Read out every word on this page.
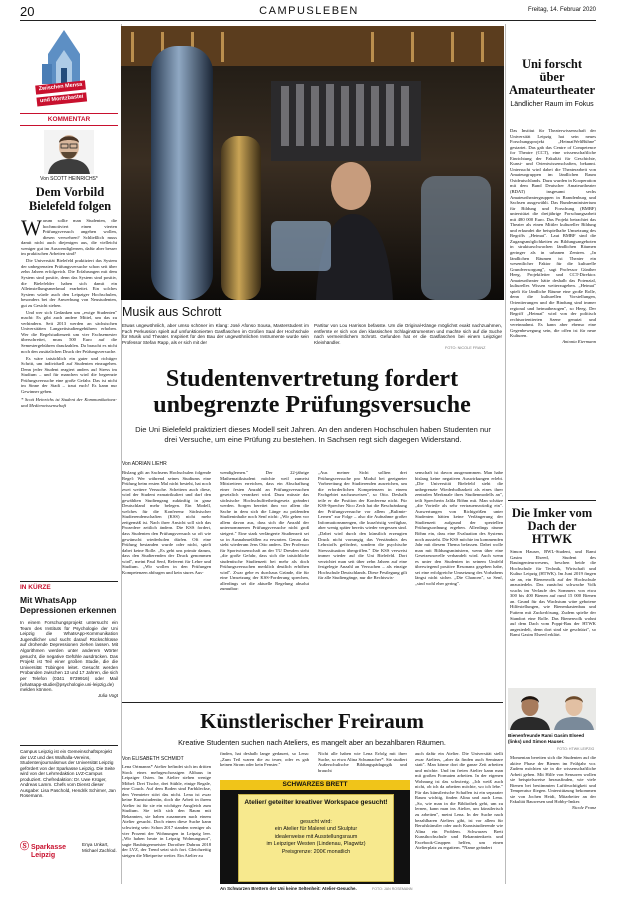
20	CAMPUSLEBEN	Freitag, 14. Februar 2020
Zwischen Mensa
und Moritzbastei
KOMMENTAR
Von SCOTT HEINRICHS*
Dem Vorbild Bielefeld folgen

Warum sollte man Studenten, die hochmotiviert einen vierten Prüfungsversuch angehen wollen, diesen verwehren? Schließlich muss damit nicht auch diejenigen aus, die vielleicht weniger gut im Auswendiglernen, dafür aber besser im praktischen Arbeiten sind?

Die Universität Bielefeld praktiziert das System der unbegrenzten Prüfungsversuche schon seit über zehn Jahren erfolgreich. Die Erfahrungen mit dem System sind positiv, denn das System sind positiv, die Bielefelder haben sich damit ein Alleinstellungsmerkmal erarbeitet. Ein solches System würde auch den Leipziger Hochschulen, besonders bei der Anwerbung von Neustudenten, gut zu Gesicht stehen.

Und wer sich Gedanken um „ewige Studenten" macht: Es gibt auch andere Mittel, um das zu verhindern. Seit 2013 werden an sächsischen Universitäten Langzeitstudiengebühren erhoben. Wer die Regelstudienzeit um vier Fachsemester überschreitet, muss 500 Euro auf die Semestergebühren draufzahlen. Da braucht es nicht noch den zusätzlichen Druck der Prüfungsversuche.

Es wäre tatsächlich ein guter und richtiger Schritt, um individuell auf Studenten einzugehen. Denn jeder Student reagiert anders auf Stress im Studium – und für manchen wird die begrenzte Prüfungsversuche eine große Gefahr. Das ist nicht im Sinne der Stadt – traut euch! Es kann nur Gewinner geben.

* Scott Heinrichs ist Student der Kommunikations- und Medienwissenschaft

IN KÜRZE
Mit WhatsApp Depressionen erkennen
In einem Forschungsprojekt untersucht ein Team des Instituts für Psychologie der Uni Leipzig die WhatsApp-Kommunikation Jugendlicher und sucht darauf Rückschlüsse auf drohende Depressionen ziehen lassen. Mit Algorithmen werden unter anderem Wörter gesucht, die negative Gefühle ausdrücken. Das Projekt ist Teil einer großen Studie, die die Universität Tübingen leitet. Gesucht werden Probanden zwischen 13 und 17 Jahren, die sich per Telefon (0341 9739916) oder Mail (whatsapp-studie@psychologie.uni-leipzig.de) melden können.
Julia Vogt
Campus Leipzig ist ein Gemeinschaftsprojekt der LVZ und des Walhalla-Vereins, Studentenjournalismus der Universität Leipzig gefördert von der Sparkasse Leipzig. Die Seite wird von der Lehrredaktion LVZ-Campus produziert. Chefredaktion: Dr. Uwe Krüger, Andreas Lamm. Chefs vom Dienst dieser Ausgabe: Lisa Paschold, Hendrik Schirner, Jan Rosemann.
Ⓢ Sparkasse
Leipzig
Enya Unkart, Michael Zachlod.
Musik aus Schrott
Etwas ungewöhnlich, aber umso schöner im Klang: José Afonso Sousa, Masterstudent im Fach Perkussion spielt auf umfunktionierten Gasflaschen im Großen Saal der Hochschule für Musik und Theater. Inspiriert für den Bau der ungewöhnlichen Instrumente wurde sein Professor Stefan Rapp, als er sich mit der
Partitur von Lou Harrison befasste. Um die Original-Klänge möglichst exakt nachzuahmen, entfernte er sich von den klassischen Schlaginstrumenten und machte sich auf die Suche nach vermeintlichem Schrott. Gefunden hat er die Gasflaschen bei einem Leipziger Kleinhändler.
FOTO: NICOLE FRANZ
Studentenvertretung fordert
unbegrenzte Prüfungsversuche
Die Uni Bielefeld praktiziert dieses Modell seit Jahren. An den anderen Hochschulen haben Studenten nur drei Versuche, um eine Prüfung zu bestehen. In Sachsen regt sich dagegen Widerstand.
Von ADRIAN LIEHR
Bislang gilt an Sachsens Hochschulen folgende Regel: Wer während seines Studiums eine Prüfung beim ersten Mal nicht besteht, hat noch zwei weitere Versuche. Scheitern auch diese, wird der Student exmatrikuliert und darf den gewählten Studiengang zukünftig in ganz Deutschland mehr belegen. Ein Modell, welches für die Konferenz Sächsischer Studierendenschaften (KSS) nicht mehr zeitgemäß ist. Nach ihrer Ansicht soll sich das Prozedere zeitlich ändern. Die KSS fordert, dass Studenten den Prüfungsversuch so oft wie gewünscht wiederholen dürfen. Oft eine Prüfung bestanden wurde oder nicht, spielt dabei keine Rolle. „Es geht uns primär darum, dass den Studierenden der Druck genommen wird", meint Paul Senf, Referent für Lehre und Studium. „Wir wollen in den Prüfungen Kompetenzen abfragen und kein stures Aus-
wendiglernen." Der 22-jährige Mathematikstudent möchte weil zumeist Mitstreitern erreichen, dass ein Abschaffung einer festen Anzahl an Prüfungsversuchen gesetzlich verankert wird. Dazu müsste das sächsische Hochschulfreiheitsgesetz geändert werden. Sorgen bereitet ihm vor allem die Sache in dem sich die Länge zu prüfenden Studieninhalte noch Senf nicht: „Wir gehen vor allem davon aus, dass sich die Anzahl der unternommenen Prüfungsversuche nicht groß steigert." Eine stark verlängerte Studienzeit sei so in Ausnahmefällen zu erwarten. Genau das sieht wiederum Jens Otto anders. Der Professor für Sportwissenschaft an der TU Dresden sieht „die große Gefahr, dass sich die tatsächliche studentische Studienzeit bei mehr als doch Prüfungsversuchen merklich deutlich erhöhen wird". Zwar gebe es durchaus Gründe, die für eine Umsetzung der KSS-Forderung sprechen, allerdings sei die aktuelle Regelung absolut zumutbar:
„Aus meiner Sicht sollten drei Prüfungsversuche pro Modul bei geeigneter Vorbereitung der Studierenden ausreichen, um die erforderlichen Kompetenzen in einem Fachgebiet nachzuweisen", so Otto. Deshalb teile er die Position der Konferenz nicht. Für KSS-Sprecher Nico Zech hat die Beschränkung der Prüfungsversuche vor allem „Bulimie-Lernen" zur Folge – also die Aufnahme großer Informationsmengen, die kurzfristig verfügbar, aber wenig später bereits wieder vergessen sind. „Dabei wird durch den künstlich erzeugten Druck nicht vorrangig das Verständnis des Lehrstoffs gefördert, sondern die psychische Stresssituation übergriffen." Die KSS verweist immer wieder auf die Uni Bielefeld. Dort verzichtet man seit über zehn Jahren auf eine festgelegte Anzahl an Versuchen – als einzige Hochschule Deutschlands. Diese Festlegung gilt für alle Studiengänge, nur die Rechtswis-
senschaft ist davon ausgenommen. Man habe bislang keine negativen Auswirkungen erlebt. „Die Universität Bielefeld sieht die unbegrenzte Wiederholbarkeit als eines ihrer zentralen Merkmale ihres Studienmodells an", teilt Sprecherin Jalila Böhm mit. Man schätze „die Vorteile als sehr vertrauenswürdig ein". Auswertungen von Richtgrößen unter Studenten hätten keine Verlängerung der Studienzeit aufgrund der speziellen Prüfungsordnung ergeben. Allerdings räume Böhm ein, dass eine Evaluation des Systems noch aussteht. Die KSS möchte im kommenden Jahr mit diesem Thema befassen. Dabei wolle man mit Bildungsministern, wenn über eine Gesetzesnovelle verhandelt wird. Auch wenn es unter den Studenten in seinem Umfeld überwiegend positive Resonanz gegeben habe, sei eine erfolgreiche Umsetzung des Vorhabens längst nicht sicher. „Die Chancen", so Senf, „sind wohl eher gering".
Künstlerischer Freiraum
Kreative Studenten suchen nach Ateliers, es mangelt aber an bezahlbaren Räumen.
Von ELISABETH SCHMIDT
Lena Ortmanns* Atelier befindet sich im dritten Stock eines mehrgeschossigen Altbaus in Leipziger Osten. Im Atelier stehen wenige Möbel: Drei Tische, drei Stühle, einige Regale, eine Couch. Auf dem Boden sind Farbkleckse, den Vermieter stört das nicht. Lena ist zwar keine Kunststudentin, doch die Arbeit in ihrem Atelier ist für sie ein wichtiger Ausgleich zum Studium. Sie teilt sich den Raum mit Bekannten, sie haben zusammen nach einem Atelier gesucht. Doch einen diese Suche kann schwierig sein: Schon 2017 standen weniger als vier Prozent der Wohnungen in Leipzig leer. „Wir haben heute in Leipzig Wohnungsnot", sagte Baubürgermeister Dorothee Dubrau 2018 der LVZ, der Trend setzt sich fort. Gleichzeitig steigen die Mietpreise weiter. Ein Atelier zu
finden, hat deshalb lange gedauert, so Lena: „Zum Teil waren die zu teuer, oder es gab keinen Strom oder kein Fenster."
Nicht alle haben wie Lena Erfolg mit ihrer Suche, so etwa Alina Schumacher*. Sie studiert Außerschulische Bildungspädagogik und braucht
auch dafür ein Atelier. Die Universität stellt zwar Ateliers, „aber da finden auch Seminare statt". Man könne dort die ganze Zeit arbeiten und möchte. Und im freien Atelier kann man mit großen Formaten arbeiten. In der eigenen Wohnung ist das schwierig. „Ich weiß auch nicht, ob ich da arbeiten möchte, wo ich lebe." Für das künstlerische Schaffen ist ein separater Raum wichtig, finden Alina und auch Lena. „So, wie man in die Bibliothek geht, um zu lernen, kann man ins Atelier, um künstlerisch zu arbeiten", meint Lena. In der Suche nach bezahlbaren Ateliers gibt, ist vor allem für Berufskünstler oder auch Kunststudierende wie Alina ein Problem. Schwarzes Brett Kunsthochschule und Bekanntenkreis und Facebook-Gruppen helfen, um einen Atelierplatz zu ergattern. *Name geändert
SCHWARZES BRETT
Atelier/ geteilter kreativer Workspace gesucht!
gesucht wird:
ein Atelier für Malerei und Skulptur
idealerweise mit Ausstellungsraum
im Leipziger Westen (Lindenau, Plagwitz)
Preisgrenze: 200€ monatlich
An Schwarzen Brettern der Uni keine Seltenheit: Atelier-Gesuche.	FOTO: JAN ROSEMANN
Uni forscht über Amateurtheater
Ländlicher Raum im Fokus
Das Institut für Theaterwissenschaft der Universität Leipzig hat sein neues Forschungsprojekt „HeimatWeltBühne" gestartet. Das gab das Centre of Competence for Theatre (CCT), eine wissenschaftliche Einrichtung der Fakultät für Geschichte, Kunst- und Orientwissenschaften, bekannt. Untersucht wird dabei die Theaterarbeit von Amateurgruppen im ländlichen Raum Ostdeutschlands. Dazu wurden in Kooperation mit dem Bund Deutscher Amateurtheater (BDAT) insgesamt sechs Amateurtheatergruppen in Brandenburg und Sachsen ausgewählt. Das Bundesministerium für Bildung und Forschung (BMBF) unterstützt die dreijährige Forschungsarbeit mit 480 000 Euro. Das Projekt betrachtet das Theater als einen Mittler kultureller Bildung und erkundet die beispielhafte Umsetzung des Begriffs „Heimat". Laut BMBF sind die Zugangsmöglichkeiten zu Bildungsangeboten in strukturschwachen ländlichen Räumen geringer als in urbanen Zentren. „In ländlichen Räumen ist Theater ein wesentlicher Faktor für die kulturelle Grundversorgung", sagt Professor Günther Heeg, Projektleiter und CCT-Direktor. Amateurtheater hätte deshalb das Potenzial, kulturelles Wissen weiterzugeben. „Heimat" spielt für ländliche Räume eine große Rolle, denn die kulturellen Vorstellungen, Orientierungen und die Bindung sind immer regional und heimatbezogen", so Heeg. Der Begriff „Heimat" wird von der politisch rechtsorientierten Szene genutzt und vereinnahmt. Es kann aber ebenso eine Gegenbewegung sein, die offen ist für neue Kulturen.
Antonia Eiermann
Die Imker vom Dach der HTWK
Simon Hauser, BWL-Student, und Rami Gasim Elseed, Student des Bauingenieurwesens, beschen beide die Hochschule für Technik, Wirtschaft und Kultur Leipzig (HTWK). Im Juni 2019 fingen sie an, ein Bienenvolk auf der Hochschule anzusiedeln. Das zunächst schwache Volk wuchs im Verlaufe des Sommers von etwa 300 bis 400 Bienen auf rund 15 000 Bienen an. Grund für das Wachstum wäre gebotene Hilfestellungen, wie Bienenkastenbau und Futtern mit Zuckerlösung. Zudem spielte der Standort eine Rolle. Das Bienenvolk wohnt auf dem Dach vom Poppi-Bau der HTWK angesiedelt, denn dort sind sie geschützt", so Rami Gasim Elseed erklärt.
Bienenfreunde Rami Gasim Elseed (links) und Simon Hauser.
FOTO: HTWK LEIPZIG
Momentan bereiten sich die Studenten auf die aktive Phase der Bienen im Frühjahr vor. Zudem möchten sie in die wissenschaftliche Arbeit gehen. Mit Hilfe von Sensoren wollen sie beispielsweise herausfinden, wie viele Bienen bei bestimmten Luftfeuchtigkeit und Temperatur fliegen. Unterstützung bekommen sie von Jochen Heidt, Mitarbeiter an der Fakultät Bauwesen und Hobby-Imker.
Nicole Franz
